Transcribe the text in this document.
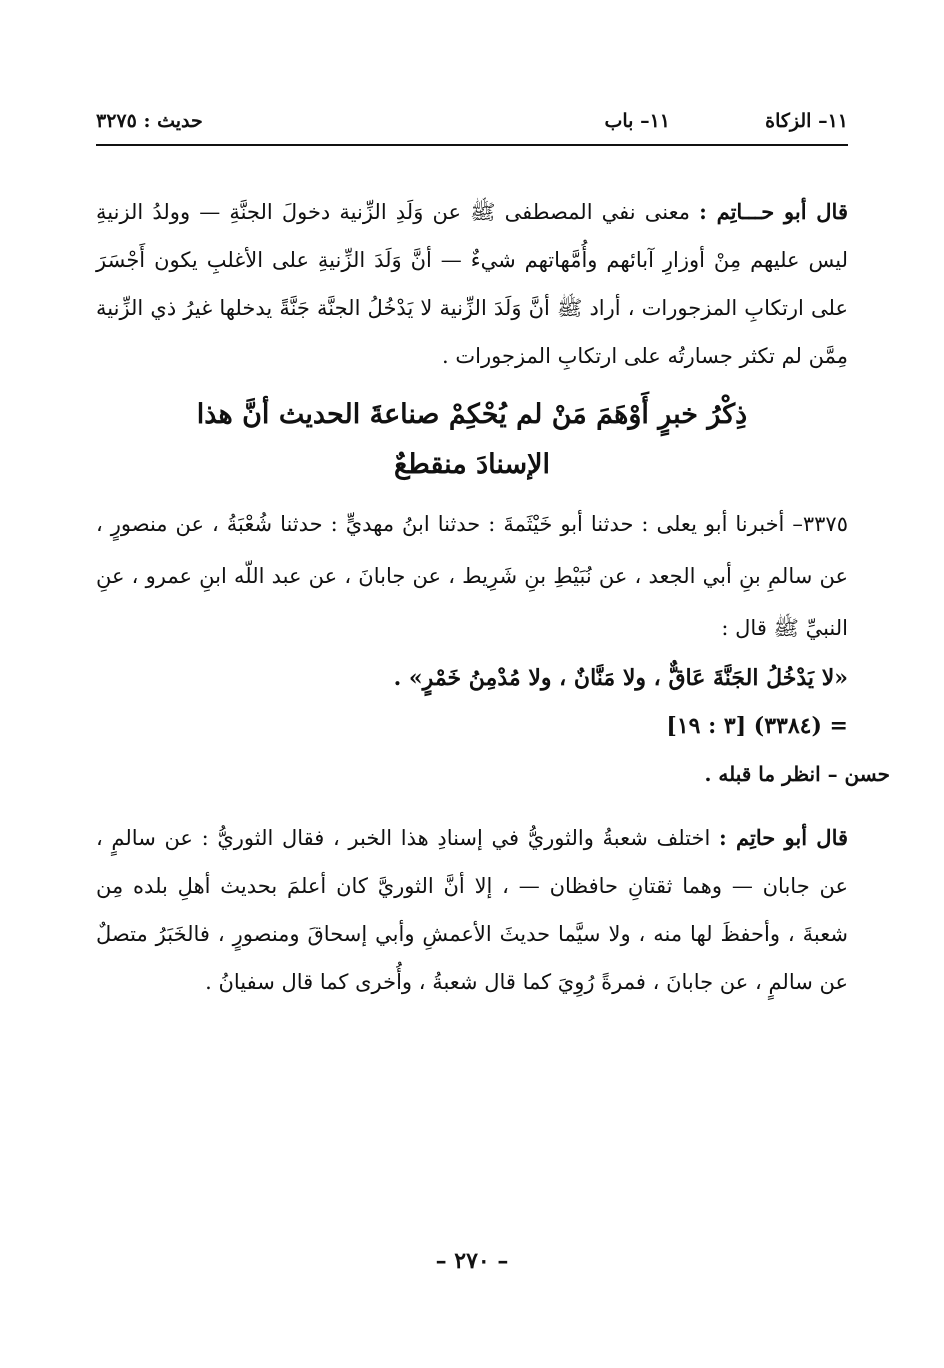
١١– الزكاة
١١– باب
حديث : ٣٢٧٥
قال أبو حـــاتِم : معنى نفي المصطفى ﷺ عن وَلَدِ الزِّنية دخولَ الجنَّةِ — وولدُ الزنيةِ ليس عليهم مِنْ أوزارِ آبائهم وأُمَّهاتهم شيءٌ — أنَّ وَلَدَ الزِّنيةِ على الأغلبِ يكون أَجْسَرَ على ارتكابِ المزجورات ، أراد ﷺ أنَّ وَلَدَ الزِّنية لا يَدْخُلُ الجنَّة جَنَّةً يدخلها غيرُ ذي الزِّنية مِمَّن لم تكثر جسارتُه على ارتكابِ المزجورات .
ذِكْرُ خبرٍ أَوْهَمَ مَنْ لم يُحْكِمْ صناعةَ الحديث أنَّ هذا
الإسنادَ منقطعٌ
٣٣٧٥– أخبرنا أبو يعلى : حدثنا أبو خَيْثَمةَ : حدثنا ابنُ مهديٍّ : حدثنا شُعْبَةُ ، عن منصورٍ ، عن سالمِ بنِ أبي الجعد ، عن نُبَيْطِ بنِ شَرِيط ، عن جابانَ ، عن عبد اللّه ابنِ عمرو ، عنِ النبيِّ ﷺ قال :
«لا يَدْخُلُ الجَنَّةَ عَاقٌّ ، ولا مَنَّانٌ ، ولا مُدْمِنُ خَمْرٍ» .
= (٣٣٨٤) [٣ : ١٩]
حسن – انظر ما قبله .
قال أبو حاتِم : اختلف شعبةُ والثوريُّ في إسنادِ هذا الخبر ، فقال الثوريُّ : عن سالمٍ ، عن جابان — وهما ثقتانِ حافظان — ، إلا أنَّ الثوريَّ كان أعلمَ بحديث أهلِ بلده مِن شعبةَ ، وأحفظَ لها منه ، ولا سيَّما حديثَ الأعمشِ وأبي إسحاقَ ومنصورٍ ، فالخَبَرُ متصلٌ عن سالمٍ ، عن جابانَ ، فمرةً رُوِيَ كما قال شعبةُ ، وأُخرى كما قال سفيانُ .
– ٢٧٠ –
